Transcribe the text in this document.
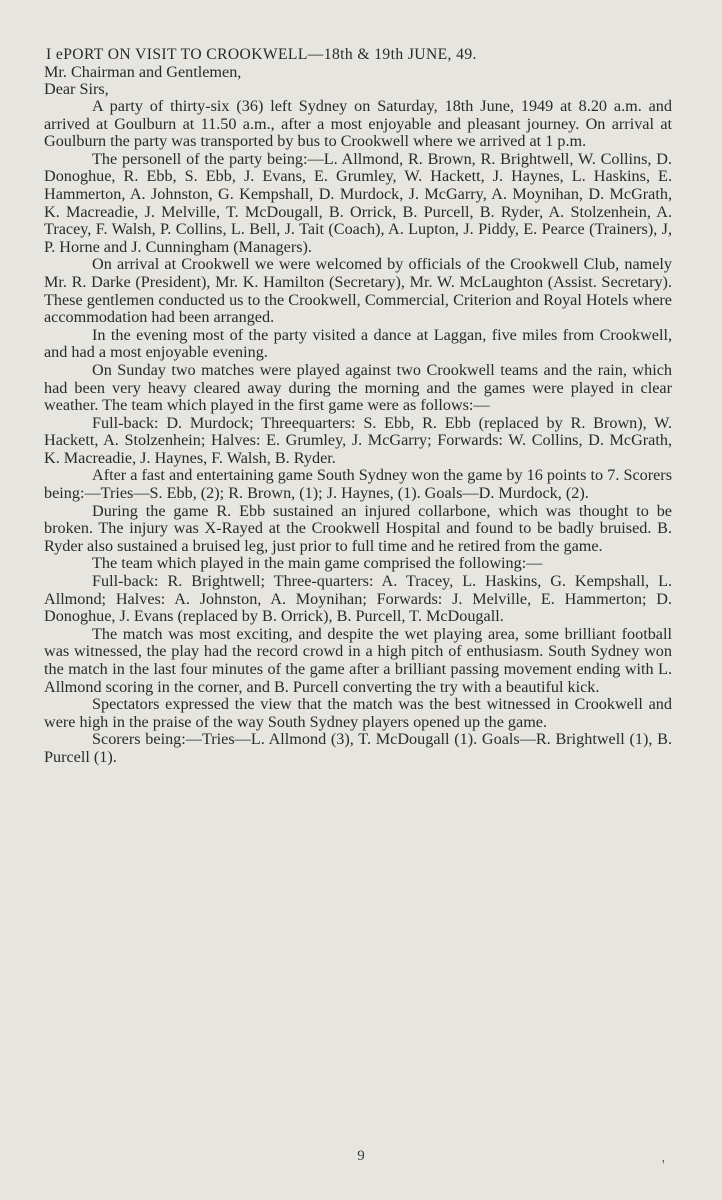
I ePORT ON VISIT TO CROOKWELL—18th & 19th JUNE, 49.

Mr. Chairman and Gentlemen,

Dear Sirs,

A party of thirty-six (36) left Sydney on Saturday, 18th June, 1949 at 8.20 a.m. and arrived at Goulburn at 11.50 a.m., after a most enjoyable and pleasant journey. On arrival at Goulburn the party was transported by bus to Crookwell where we arrived at 1 p.m.

The personell of the party being:—L. Allmond, R. Brown, R. Brightwell, W. Collins, D. Donoghue, R. Ebb, S. Ebb, J. Evans, E. Grumley, W. Hackett, J. Haynes, L. Haskins, E. Hammerton, A. Johnston, G. Kempshall, D. Murdock, J. McGarry, A. Moynihan, D. McGrath, K. Macreadie, J. Melville, T. McDougall, B. Orrick, B. Purcell, B. Ryder, A. Stolzenhein, A. Tracey, F. Walsh, P. Collins, L. Bell, J. Tait (Coach), A. Lupton, J. Piddy, E. Pearce (Trainers), J, P. Horne and J. Cunningham (Managers).

On arrival at Crookwell we were welcomed by officials of the Crookwell Club, namely Mr. R. Darke (President), Mr. K. Hamilton (Secretary), Mr. W. McLaughton (Assist. Secretary). These gentlemen conducted us to the Crookwell, Commercial, Criterion and Royal Hotels where accommodation had been arranged.

In the evening most of the party visited a dance at Laggan, five miles from Crookwell, and had a most enjoyable evening.

On Sunday two matches were played against two Crookwell teams and the rain, which had been very heavy cleared away during the morning and the games were played in clear weather. The team which played in the first game were as follows:—

Full-back: D. Murdock; Threequarters: S. Ebb, R. Ebb (replaced by R. Brown), W. Hackett, A. Stolzenhein; Halves: E. Grumley, J. McGarry; Forwards: W. Collins, D. McGrath, K. Macreadie, J. Haynes, F. Walsh, B. Ryder.

After a fast and entertaining game South Sydney won the game by 16 points to 7. Scorers being:—Tries—S. Ebb, (2); R. Brown, (1); J. Haynes, (1). Goals—D. Murdock, (2).

During the game R. Ebb sustained an injured collarbone, which was thought to be broken. The injury was X-Rayed at the Crookwell Hospital and found to be badly bruised. B. Ryder also sustained a bruised leg, just prior to full time and he retired from the game.

The team which played in the main game comprised the following:—

Full-back: R. Brightwell; Three-quarters: A. Tracey, L. Haskins, G. Kempshall, L. Allmond; Halves: A. Johnston, A. Moynihan; Forwards: J. Melville, E. Hammerton; D. Donoghue, J. Evans (replaced by B. Orrick), B. Purcell, T. McDougall.

The match was most exciting, and despite the wet playing area, some brilliant football was witnessed, the play had the record crowd in a high pitch of enthusiasm. South Sydney won the match in the last four minutes of the game after a brilliant passing movement ending with L. Allmond scoring in the corner, and B. Purcell converting the try with a beautiful kick.

Spectators expressed the view that the match was the best witnessed in Crookwell and were high in the praise of the way South Sydney players opened up the game.

Scorers being:—Tries—L. Allmond (3), T. McDougall (1). Goals—R. Brightwell (1), B. Purcell (1).

9
'
